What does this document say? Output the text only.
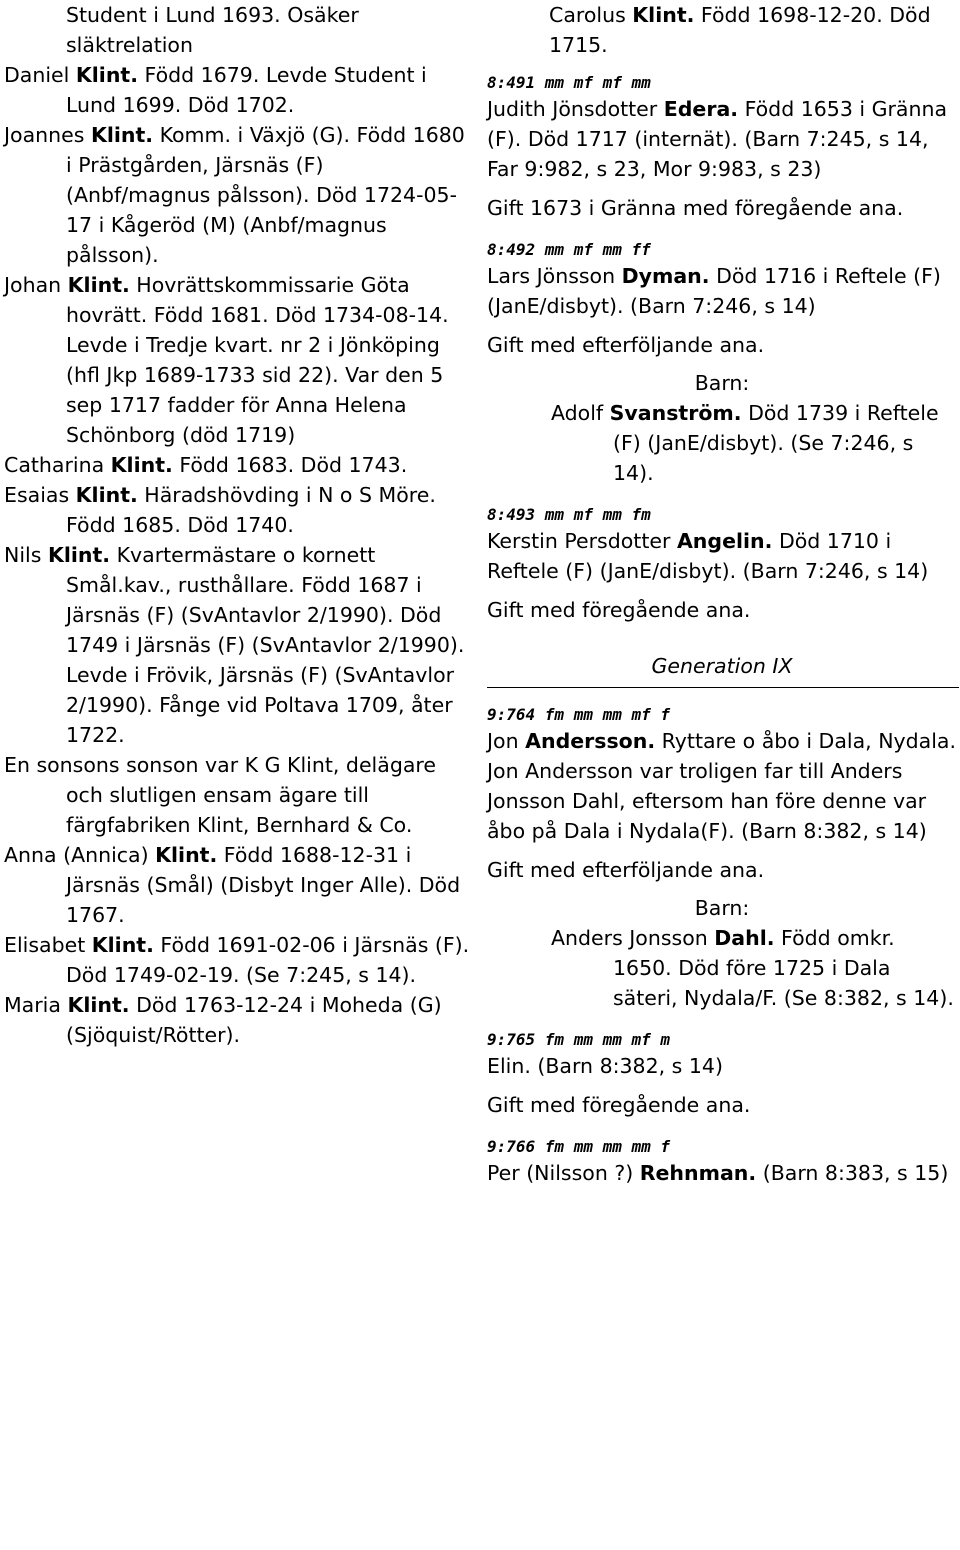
Student i Lund 1693. Osäker släktrelation

Daniel Klint. Född 1679. Levde Student i Lund 1699. Död 1702.

Joannes Klint. Komm. i Växjö (G). Född 1680 i Prästgården, Järsnäs (F) (Anbf/magnus pålsson). Död 1724-05-17 i Kågeröd (M) (Anbf/magnus pålsson).

Johan Klint. Hovrättskommissarie Göta hovrätt. Född 1681. Död 1734-08-14. Levde i Tredje kvart. nr 2 i Jönköping (hfl Jkp 1689-1733 sid 22). Var den 5 sep 1717 fadder för Anna Helena Schönborg (död 1719)

Catharina Klint. Född 1683. Död 1743.

Esaias Klint. Häradshövding i N o S Möre. Född 1685. Död 1740.

Nils Klint. Kvartermästare o kornett Smål.kav., rusthållare. Född 1687 i Järsnäs (F) (SvAntavlor 2/1990). Död 1749 i Järsnäs (F) (SvAntavlor 2/1990). Levde i Frövik, Järsnäs (F) (SvAntavlor 2/1990). Fånge vid Poltava 1709, åter 1722.

En sonsons sonson var K G Klint, delägare och slutligen ensam ägare till färgfabriken Klint, Bernhard & Co.

Anna (Annica) Klint. Född 1688-12-31 i Järsnäs (Smål) (Disbyt Inger Alle). Död 1767.

Elisabet Klint. Född 1691-02-06 i Järsnäs (F). Död 1749-02-19. (Se 7:245, s 14).

Maria Klint. Död 1763-12-24 i Moheda (G) (Sjöquist/Rötter).

Carolus Klint. Född 1698-12-20. Död 1715.

8:491 mm mf mf mm

Judith Jönsdotter Edera. Född 1653 i Gränna (F). Död 1717 (internät). (Barn 7:245, s 14, Far 9:982, s 23, Mor 9:983, s 23)

Gift 1673 i Gränna med föregående ana.

8:492 mm mf mm ff

Lars Jönsson Dyman. Död 1716 i Reftele (F) (JanE/disbyt). (Barn 7:246, s 14)

Gift med efterföljande ana.

Barn:

Adolf Svanström. Död 1739 i Reftele (F) (JanE/disbyt). (Se 7:246, s 14).

8:493 mm mf mm fm

Kerstin Persdotter Angelin. Död 1710 i Reftele (F) (JanE/disbyt). (Barn 7:246, s 14)

Gift med föregående ana.

Generation IX

9:764 fm mm mm mf f

Jon Andersson. Ryttare o åbo i Dala, Nydala. Jon Andersson var troligen far till Anders Jonsson Dahl, eftersom han före denne var åbo på Dala i Nydala(F). (Barn 8:382, s 14)

Gift med efterföljande ana.

Barn:

Anders Jonsson Dahl. Född omkr. 1650. Död före 1725 i Dala säteri, Nydala/F. (Se 8:382, s 14).

9:765 fm mm mm mf m

Elin. (Barn 8:382, s 14)

Gift med föregående ana.

9:766 fm mm mm mm f

Per (Nilsson ?) Rehnman. (Barn 8:383, s 15)
